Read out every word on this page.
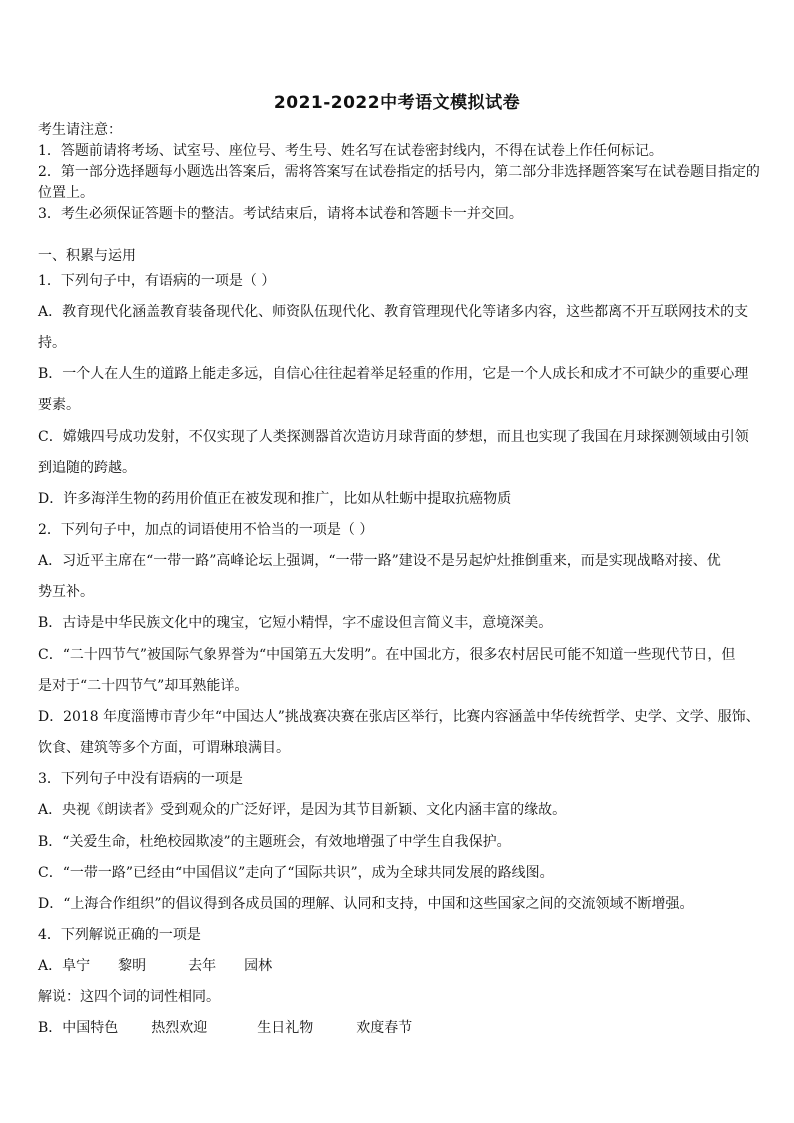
2021-2022中考语文模拟试卷
考生请注意：
1．答题前请将考场、试室号、座位号、考生号、姓名写在试卷密封线内，不得在试卷上作任何标记。
2．第一部分选择题每小题选出答案后，需将答案写在试卷指定的括号内，第二部分非选择题答案写在试卷题目指定的
位置上。
3．考生必须保证答题卡的整洁。考试结束后，请将本试卷和答题卡一并交回。
一、积累与运用
1．下列句子中，有语病的一项是（ ）
A．教育现代化涵盖教育装备现代化、师资队伍现代化、教育管理现代化等诸多内容，这些都离不开互联网技术的支
持。
B．一个人在人生的道路上能走多远，自信心往往起着举足轻重的作用，它是一个人成长和成才不可缺少的重要心理
要素。
C．嫦娥四号成功发射，不仅实现了人类探测器首次造访月球背面的梦想，而且也实现了我国在月球探测领域由引领
到追随的跨越。
D．许多海洋生物的药用价值正在被发现和推广，比如从牡蛎中提取抗癌物质
2．下列句子中，加点的词语使用不恰当的一项是（ ）
A．习近平主席在“一带一路”高峰论坛上强调，“一带一路”建设不是另起炉灶推倒重来，而是实现战略对接、优
势互补。
B．古诗是中华民族文化中的瑰宝，它短小精悍，字不虚设但言简义丰，意境深美。
C．“二十四节气”被国际气象界誉为“中国第五大发明”。在中国北方，很多农村居民可能不知道一些现代节日，但
是对于“二十四节气”却耳熟能详。
D．2018 年度淄博市青少年“中国达人”挑战赛决赛在张店区举行，比赛内容涵盖中华传统哲学、史学、文学、服饰、
饮食、建筑等多个方面，可谓琳琅满目。
3．下列句子中没有语病的一项是
A．央视《朗读者》受到观众的广泛好评，是因为其节目新颖、文化内涵丰富的缘故。
B．“关爱生命，杜绝校园欺凌”的主题班会，有效地增强了中学生自我保护。
C．“一带一路”已经由“中国倡议”走向了“国际共识”，成为全球共同发展的路线图。
D．“上海合作组织”的倡议得到各成员国的理解、认同和支持，中国和这些国家之间的交流领域不断增强。
4．下列解说正确的一项是
A．阜宁 黎明	去年 园林
解说：这四个词的词性相同。
B．中国特色 热烈欢迎	生日礼物	欢度春节
